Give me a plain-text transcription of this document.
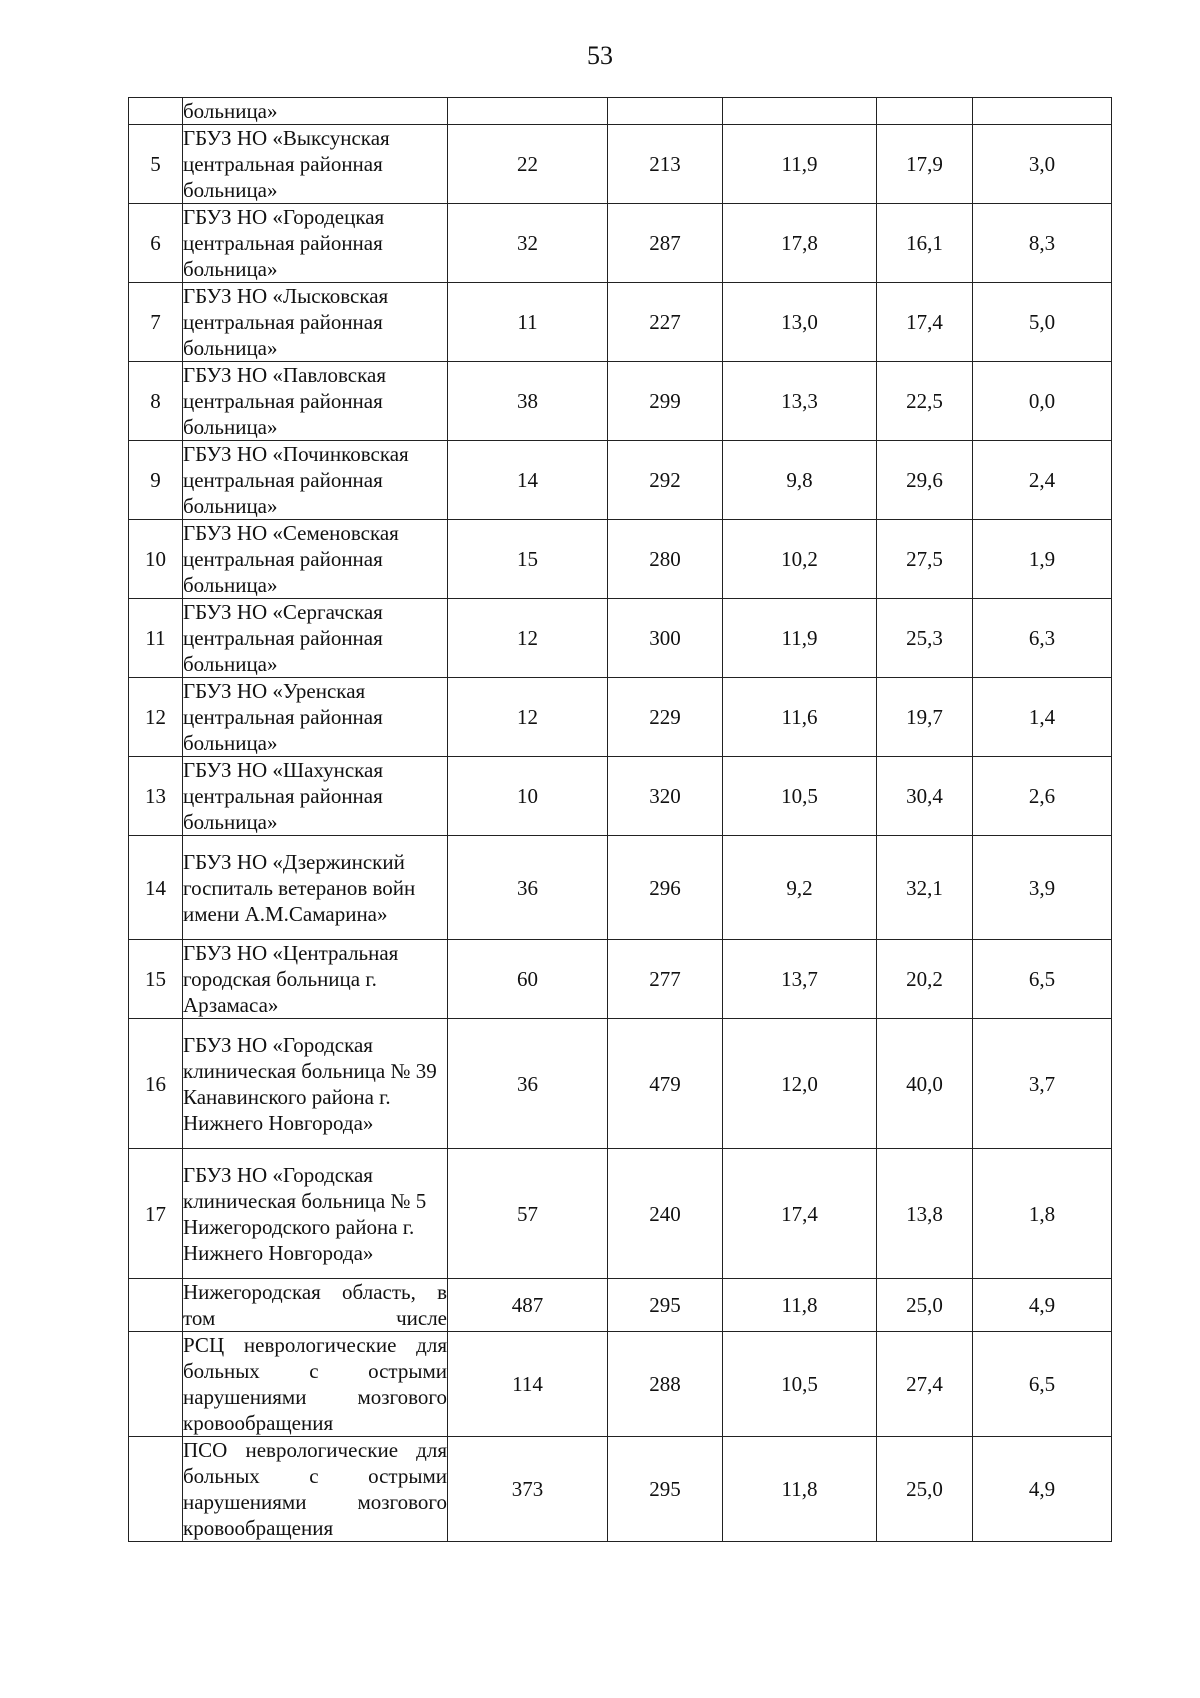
53
	больница»					
5	ГБУЗ НО «Выксунская центральная районная больница»	22	213	11,9	17,9	3,0
6	ГБУЗ НО «Городецкая центральная районная больница»	32	287	17,8	16,1	8,3
7	ГБУЗ НО «Лысковская центральная районная больница»	11	227	13,0	17,4	5,0
8	ГБУЗ НО «Павловская центральная районная больница»	38	299	13,3	22,5	0,0
9	ГБУЗ НО «Починковская центральная районная больница»	14	292	9,8	29,6	2,4
10	ГБУЗ НО «Семеновская центральная районная больница»	15	280	10,2	27,5	1,9
11	ГБУЗ НО «Сергачская центральная районная больница»	12	300	11,9	25,3	6,3
12	ГБУЗ НО «Уренская центральная районная больница»	12	229	11,6	19,7	1,4
13	ГБУЗ НО «Шахунская центральная районная больница»	10	320	10,5	30,4	2,6
14	ГБУЗ НО «Дзержинский госпиталь ветеранов войн имени А.М.Самарина»	36	296	9,2	32,1	3,9
15	ГБУЗ НО «Центральная городская больница г. Арзамаса»	60	277	13,7	20,2	6,5
16	ГБУЗ НО «Городская клиническая больница № 39 Канавинского района г. Нижнего Новгорода»	36	479	12,0	40,0	3,7
17	ГБУЗ НО «Городская клиническая больница № 5 Нижегородского района г. Нижнего Новгорода»	57	240	17,4	13,8	1,8
	Нижегородская область, в том числе	487	295	11,8	25,0	4,9
	РСЦ неврологические для больных с острыми нарушениями мозгового кровообращения	114	288	10,5	27,4	6,5
	ПСО неврологические для больных с острыми нарушениями мозгового кровообращения	373	295	11,8	25,0	4,9
